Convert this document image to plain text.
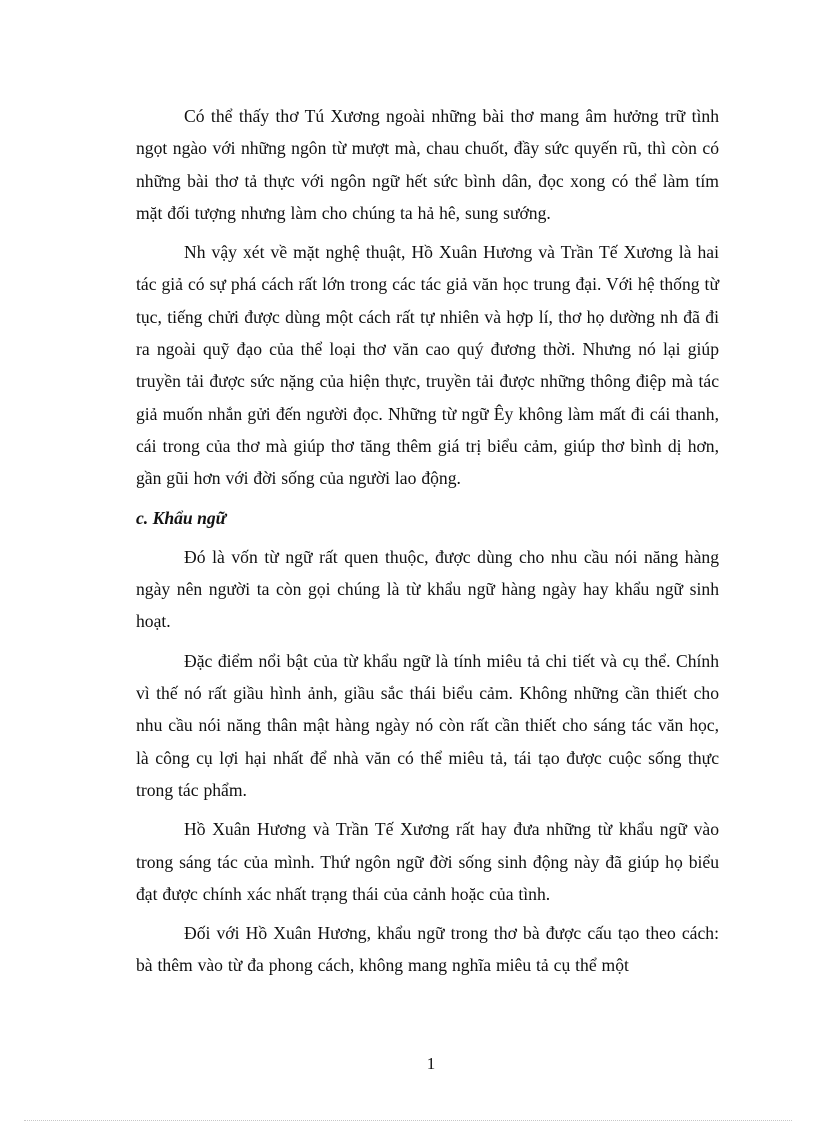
Có thể thấy thơ Tú Xương ngoài những bài thơ mang âm hưởng trữ tình ngọt ngào với những ngôn từ mượt mà, chau chuốt, đầy sức quyến rũ, thì còn có những bài thơ tả thực với ngôn ngữ hết sức bình dân, đọc xong có thể làm tím mặt đối tượng nhưng làm cho chúng ta hả hê, sung sướng.

Nh vậy xét về mặt nghệ thuật, Hồ Xuân Hương và Trần Tế Xương là hai tác giả có sự phá cách rất lớn trong các tác giả văn học trung đại. Với hệ thống từ tục, tiếng chửi được dùng một cách rất tự nhiên và hợp lí, thơ họ dường nh đã đi ra ngoài quỹ đạo của thể loại thơ văn cao quý đương thời. Nhưng nó lại giúp truyền tải được sức nặng của hiện thực, truyền tải được những thông điệp mà tác giả muốn nhắn gửi đến người đọc. Những từ ngữ Êy không làm mất đi cái thanh, cái trong của thơ mà giúp thơ tăng thêm giá trị biểu cảm, giúp thơ bình dị hơn, gần gũi hơn với đời sống của người lao động.

c. Khẩu ngữ

Đó là vốn từ ngữ rất quen thuộc, được dùng cho nhu cầu nói năng hàng ngày nên người ta còn gọi chúng là từ khẩu ngữ hàng ngày hay khẩu ngữ sinh hoạt.

Đặc điểm nổi bật của từ khẩu ngữ là tính miêu tả chi tiết và cụ thể. Chính vì thế nó rất giầu hình ảnh, giầu sắc thái biểu cảm. Không những cần thiết cho nhu cầu nói năng thân mật hàng ngày nó còn rất cần thiết cho sáng tác văn học, là công cụ lợi hại nhất để nhà văn có thể miêu tả, tái tạo được cuộc sống thực trong tác phẩm.

Hồ Xuân Hương và Trần Tế Xương rất hay đưa những từ khẩu ngữ vào trong sáng tác của mình. Thứ ngôn ngữ đời sống sinh động này đã giúp họ biểu đạt được chính xác nhất trạng thái của cảnh hoặc của tình.

Đối với Hồ Xuân Hương, khẩu ngữ trong thơ bà được cấu tạo theo cách: bà thêm vào từ đa phong cách, không mang nghĩa miêu tả cụ thể một

1
